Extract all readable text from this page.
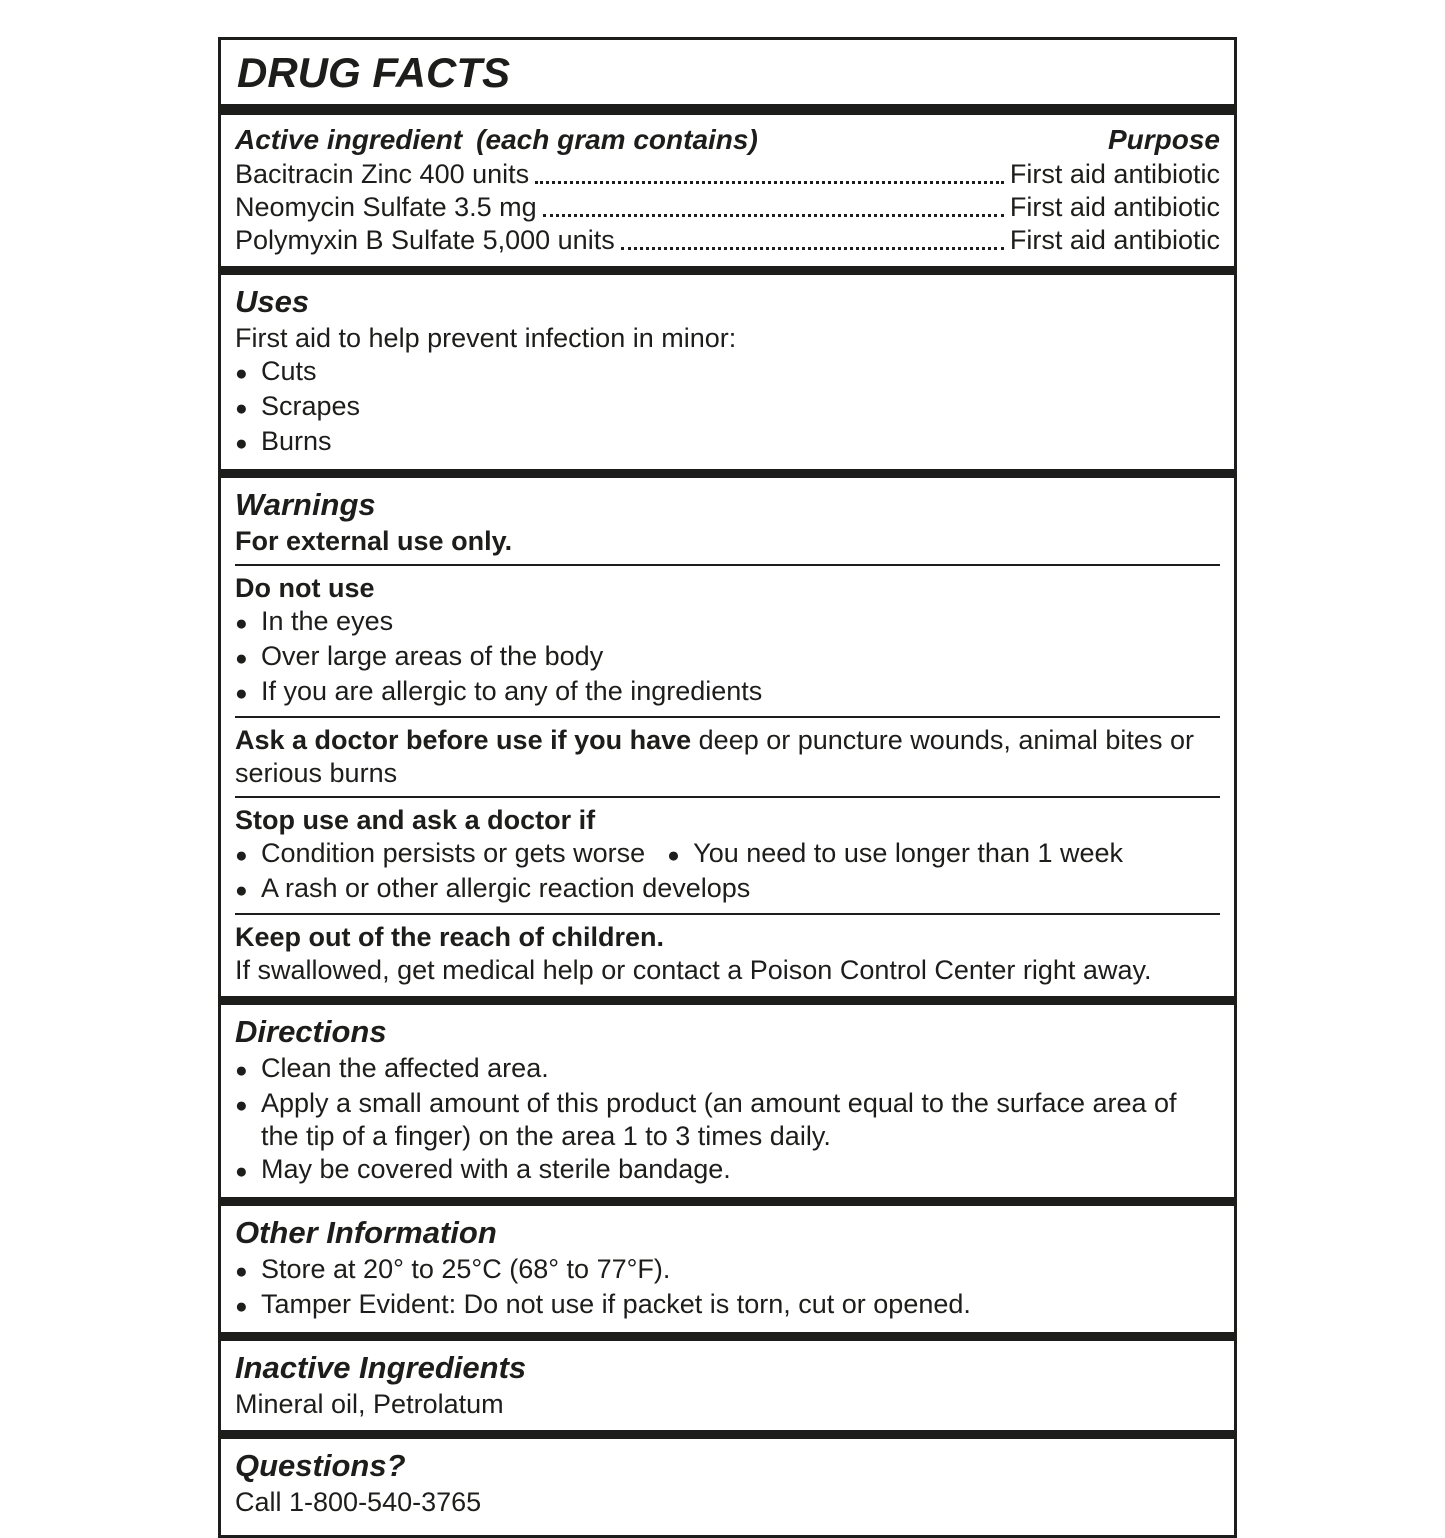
DRUG FACTS
Active ingredient (each gram contains)	Purpose
Bacitracin Zinc 400 units	First aid antibiotic
Neomycin Sulfate 3.5 mg	First aid antibiotic
Polymyxin B Sulfate 5,000 units	First aid antibiotic
Uses
First aid to help prevent infection in minor:
● Cuts
● Scrapes
● Burns
Warnings
For external use only.
Do not use
● In the eyes
● Over large areas of the body
● If you are allergic to any of the ingredients
Ask a doctor before use if you have deep or puncture wounds, animal bites or serious burns
Stop use and ask a doctor if
● Condition persists or gets worse ● You need to use longer than 1 week
● A rash or other allergic reaction develops
Keep out of the reach of children.
If swallowed, get medical help or contact a Poison Control Center right away.
Directions
● Clean the affected area.
● Apply a small amount of this product (an amount equal to the surface area of the tip of a finger) on the area 1 to 3 times daily.
● May be covered with a sterile bandage.
Other Information
● Store at 20° to 25°C (68° to 77°F).
● Tamper Evident: Do not use if packet is torn, cut or opened.
Inactive Ingredients
Mineral oil, Petrolatum
Questions?
Call 1-800-540-3765
